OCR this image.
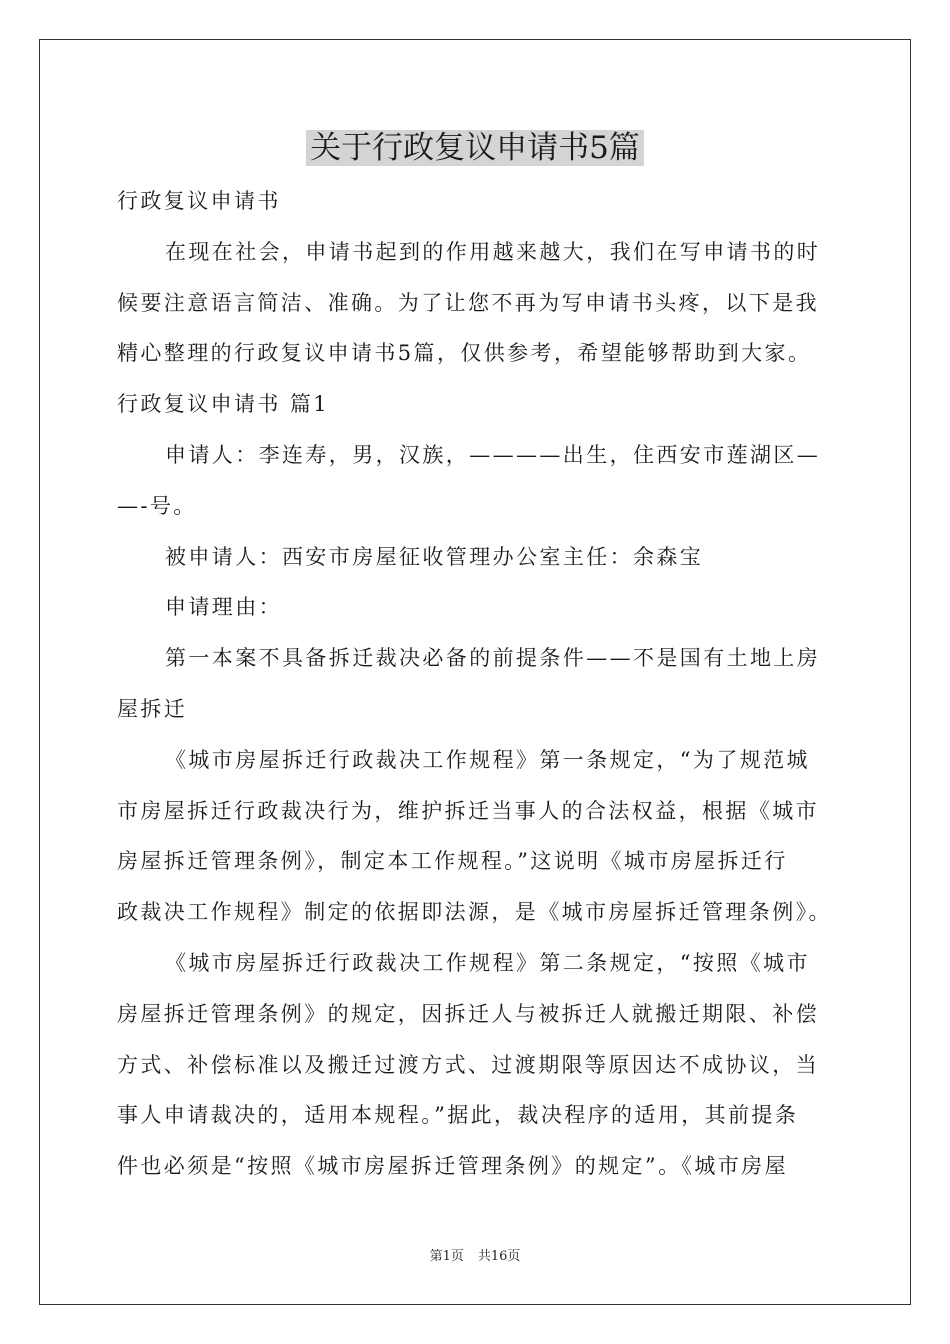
关于行政复议申请书5篇

行政复议申请书

在现在社会，申请书起到的作用越来越大，我们在写申请书的时

候要注意语言简洁、准确。为了让您不再为写申请书头疼，以下是我

精心整理的行政复议申请书5篇，仅供参考，希望能够帮助到大家。

行政复议申请书 篇1

申请人：李连寿，男，汉族，————出生，住西安市莲湖区—

—-号。

被申请人：西安市房屋征收管理办公室主任：余森宝

申请理由：

第一本案不具备拆迁裁决必备的前提条件——不是国有土地上房

屋拆迁

《城市房屋拆迁行政裁决工作规程》第一条规定，“为了规范城

市房屋拆迁行政裁决行为，维护拆迁当事人的合法权益，根据《城市

房屋拆迁管理条例》，制定本工作规程。”这说明《城市房屋拆迁行

政裁决工作规程》制定的依据即法源，是《城市房屋拆迁管理条例》。

《城市房屋拆迁行政裁决工作规程》第二条规定，“按照《城市

房屋拆迁管理条例》的规定，因拆迁人与被拆迁人就搬迁期限、补偿

方式、补偿标准以及搬迁过渡方式、过渡期限等原因达不成协议，当

事人申请裁决的，适用本规程。”据此，裁决程序的适用，其前提条

件也必须是“按照《城市房屋拆迁管理条例》的规定”。《城市房屋

第1页 共16页
